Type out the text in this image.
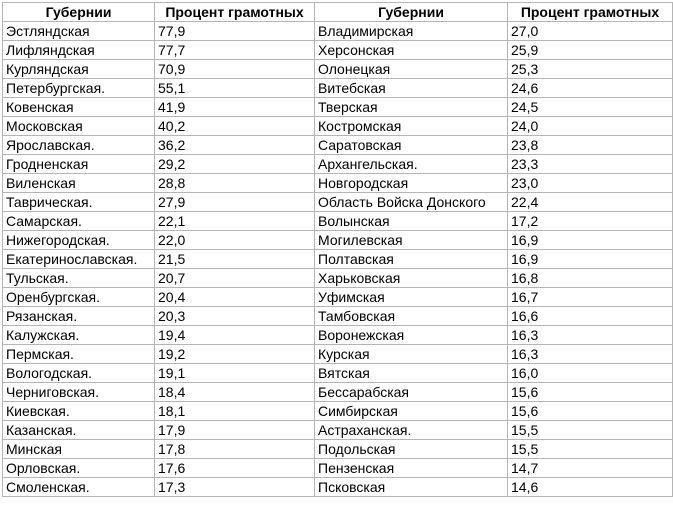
Губернии	Процент грамотных	Губернии	Процент грамотных
Эстляндская	77,9	Владимирская	27,0
Лифляндская	77,7	Херсонская	25,9
Курляндская	70,9	Олонецкая	25,3
Петербургская.	55,1	Витебская	24,6
Ковенская	41,9	Тверская	24,5
Московская	40,2	Костромская	24,0
Ярославская.	36,2	Саратовская	23,8
Гродненская	29,2	Архангельская.	23,3
Виленская	28,8	Новгородская	23,0
Таврическая.	27,9	Область Войска Донского	22,4
Самарская.	22,1	Волынская	17,2
Нижегородская.	22,0	Могилевская	16,9
Екатеринославская.	21,5	Полтавская	16,9
Тульская.	20,7	Харьковская	16,8
Оренбургская.	20,4	Уфимская	16,7
Рязанская.	20,3	Тамбовская	16,6
Калужская.	19,4	Воронежская	16,3
Пермская.	19,2	Курская	16,3
Вологодская.	19,1	Вятская	16,0
Черниговская.	18,4	Бессарабская	15,6
Киевская.	18,1	Симбирская	15,6
Казанская.	17,9	Астраханская.	15,5
Минская	17,8	Подольская	15,5
Орловская.	17,6	Пензенская	14,7
Смоленская.	17,3	Псковская	14,6
